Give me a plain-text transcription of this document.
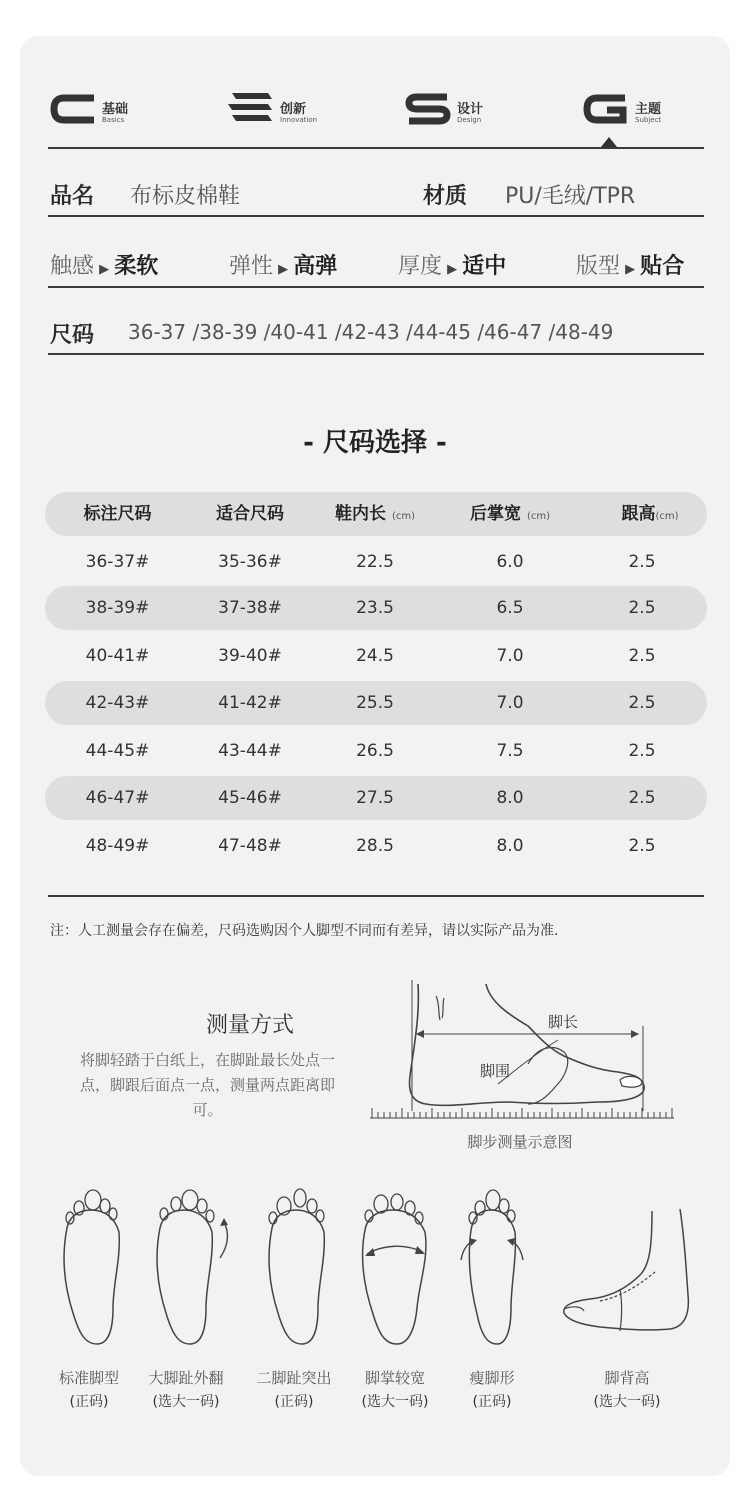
基础
Basics
创新
Innovation
设计
Design
主题
Subject
品名 布标皮棉鞋	材质 PU/毛绒/TPR
触感 ▶ 柔软	弹性 ▶ 高弹	厚度 ▶ 适中	版型 ▶ 贴合
尺码 36-37 /38-39 /40-41 /42-43 /44-45 /46-47 /48-49
- 尺码选择 -
标注尺码	适合尺码	鞋内长 (cm)	后掌宽 (cm)	跟高(cm)
36-37#	35-36#	22.5	6.0	2.5
38-39#	37-38#	23.5	6.5	2.5
40-41#	39-40#	24.5	7.0	2.5
42-43#	41-42#	25.5	7.0	2.5
44-45#	43-44#	26.5	7.5	2.5
46-47#	45-46#	27.5	8.0	2.5
48-49#	47-48#	28.5	8.0	2.5
注：人工测量会存在偏差，尺码选购因个人脚型不同而有差异，请以实际产品为准.
测量方式
将脚轻踏于白纸上，在脚趾最长处点一点，脚跟后面点一点，测量两点距离即可。
脚长
脚围
脚步测量示意图
标准脚型
(正码)
大脚趾外翻
(选大一码)
二脚趾突出
(正码)
脚掌较宽
(选大一码)
瘦脚形
(正码)
脚背高
(选大一码)
